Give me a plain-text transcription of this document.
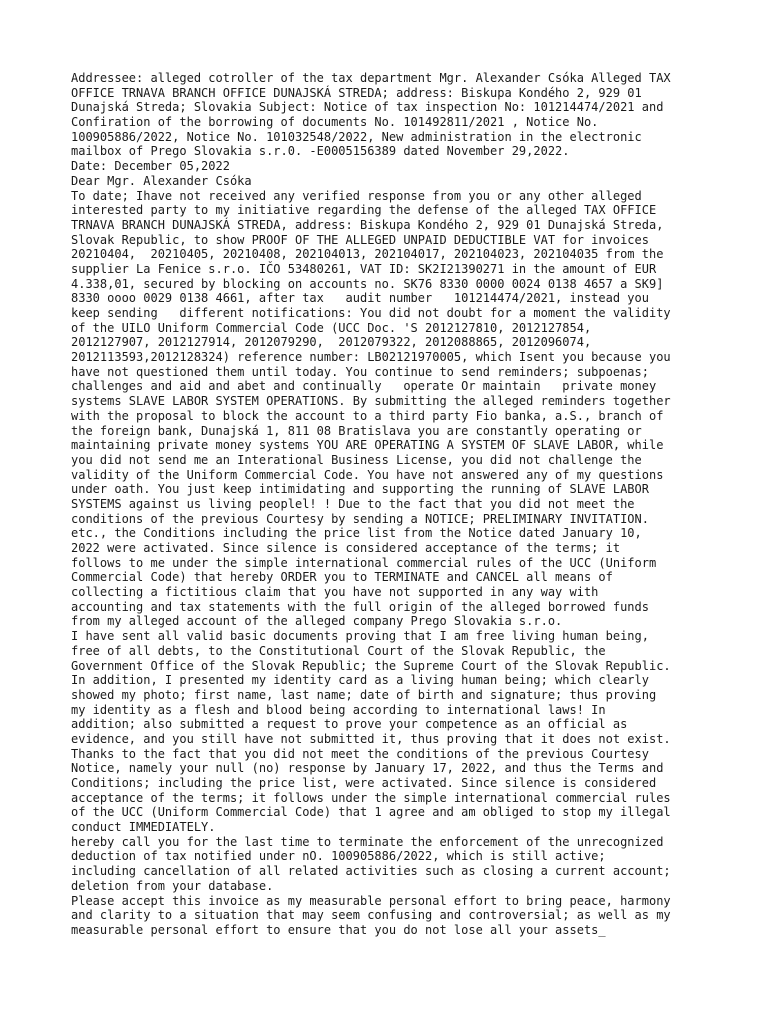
Addressee: alleged cotroller of the tax department Mgr. Alexander Csóka Alleged TAX
OFFICE TRNAVA BRANCH OFFICE DUNAJSKÁ STREDA; address: Biskupa Kondého 2, 929 01
Dunajská Streda; Slovakia Subject: Notice of tax inspection No: 101214474/2021 and
Confiration of the borrowing of documents No. 101492811/2021 , Notice No.
100905886/2022, Notice No. 101032548/2022, New administration in the electronic
mailbox of Prego Slovakia s.r.0. -E0005156389 dated November 29,2022.
Date: December 05,2022
Dear Mgr. Alexander Csóka
To date; Ihave not received any verified response from you or any other alleged
interested party to my initiative regarding the defense of the alleged TAX OFFICE
TRNAVA BRANCH DUNAJSKÁ STREDA, address: Biskupa Kondého 2, 929 01 Dunajská Streda,
Slovak Republic, to show PROOF OF THE ALLEGED UNPAID DEDUCTIBLE VAT for invoices
20210404,  20210405, 20210408, 202104013, 202104017, 202104023, 202104035 from the
supplier La Fenice s.r.o. IČO 53480261, VAT ID: SK2I21390271 in the amount of EUR
4.338,01, secured by blocking on accounts no. SK76 8330 0000 0024 0138 4657 a SK9]
8330 oooo 0029 0138 4661, after tax   audit number   101214474/2021, instead you
keep sending   different notifications: You did not doubt for a moment the validity
of the UILO Uniform Commercial Code (UCC Doc. 'S 2012127810, 2012127854,
2012127907, 2012127914, 2012079290,  2012079322, 2012088865, 2012096074,
2012113593,2012128324) reference number: LB02121970005, which Isent you because you
have not questioned them until today. You continue to send reminders; subpoenas;
challenges and aid and abet and continually   operate Or maintain   private money
systems SLAVE LABOR SYSTEM OPERATIONS. By submitting the alleged reminders together
with the proposal to block the account to a third party Fio banka, a.S., branch of
the foreign bank, Dunajská 1, 811 08 Bratislava you are constantly operating or
maintaining private money systems YOU ARE OPERATING A SYSTEM OF SLAVE LABOR, while
you did not send me an Interational Business License, you did not challenge the
validity of the Uniform Commercial Code. You have not answered any of my questions
under oath. You just keep intimidating and supporting the running of SLAVE LABOR
SYSTEMS against us living peoplel! ! Due to the fact that you did not meet the
conditions of the previous Courtesy by sending a NOTICE; PRELIMINARY INVITATION.
etc., the Conditions including the price list from the Notice dated January 10,
2022 were activated. Since silence is considered acceptance of the terms; it
follows to me under the simple international commercial rules of the UCC (Uniform
Commercial Code) that hereby ORDER you to TERMINATE and CANCEL all means of
collecting a fictitious claim that you have not supported in any way with
accounting and tax statements with the full origin of the alleged borrowed funds
from my alleged account of the alleged company Prego Slovakia s.r.o.
I have sent all valid basic documents proving that I am free living human being,
free of all debts, to the Constitutional Court of the Slovak Republic, the
Government Office of the Slovak Republic; the Supreme Court of the Slovak Republic.
In addition, I presented my identity card as a living human being; which clearly
showed my photo; first name, last name; date of birth and signature; thus proving
my identity as a flesh and blood being according to international laws! In
addition; also submitted a request to prove your competence as an official as
evidence, and you still have not submitted it, thus proving that it does not exist.
Thanks to the fact that you did not meet the conditions of the previous Courtesy
Notice, namely your null (no) response by January 17, 2022, and thus the Terms and
Conditions; including the price list, were activated. Since silence is considered
acceptance of the terms; it follows under the simple international commercial rules
of the UCC (Uniform Commercial Code) that 1 agree and am obliged to stop my illegal
conduct IMMEDIATELY.
hereby call you for the last time to terminate the enforcement of the unrecognized
deduction of tax notified under nO. 100905886/2022, which is still active;
including cancellation of all related activities such as closing a current account;
deletion from your database.
Please accept this invoice as my measurable personal effort to bring peace, harmony
and clarity to a situation that may seem confusing and controversial; as well as my
measurable personal effort to ensure that you do not lose all your assets_
